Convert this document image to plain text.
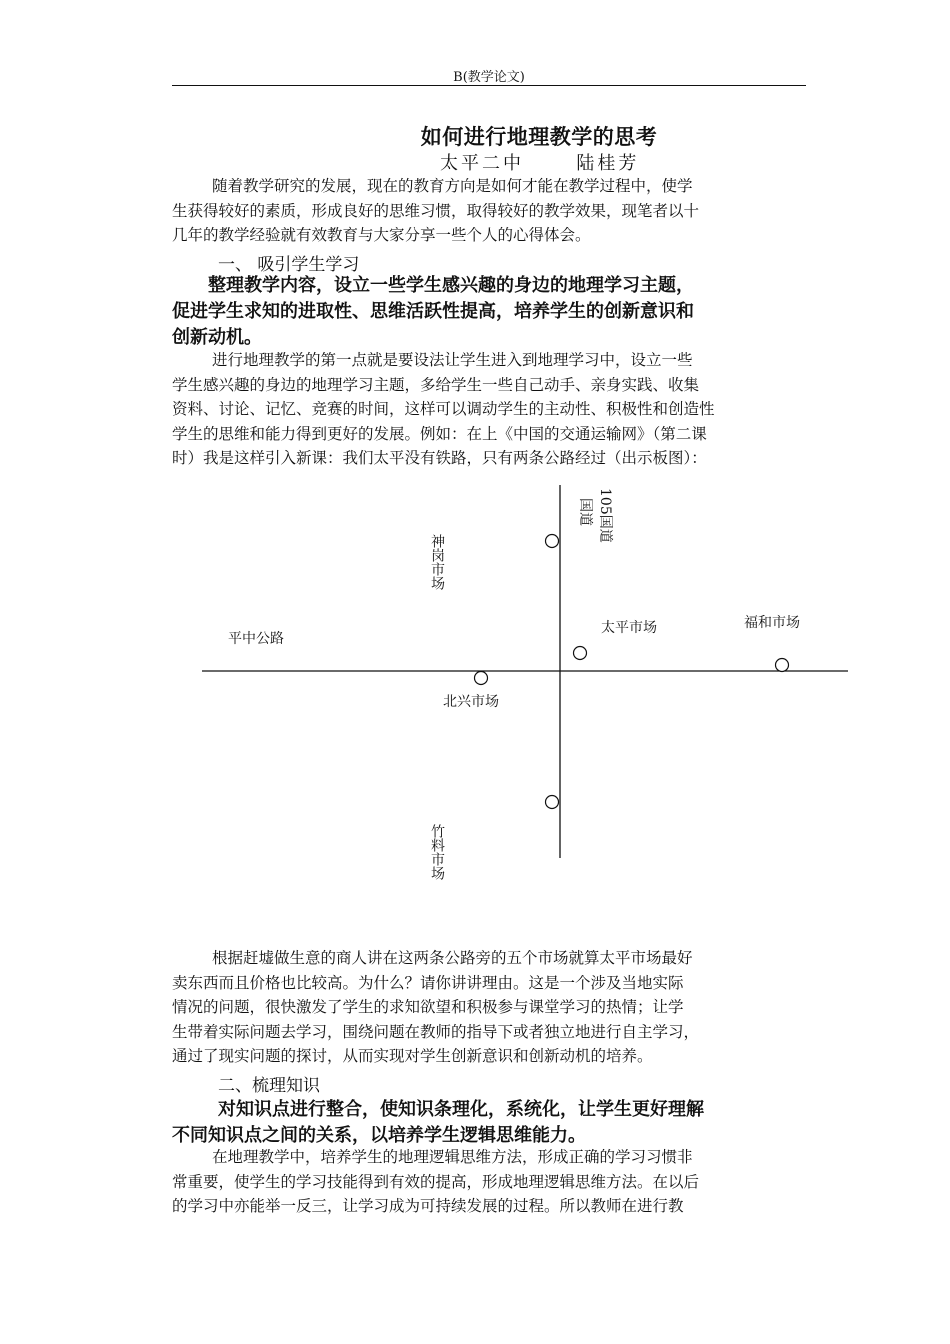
B(教学论文)
如何进行地理教学的思考
太平二中	陆桂芳
随着教学研究的发展，现在的教育方向是如何才能在教学过程中，使学
生获得较好的素质，形成良好的思维习惯，取得较好的教学效果，现笔者以十
几年的教学经验就有效教育与大家分享一些个人的心得体会。
一、 吸引学生学习
整理教学内容，设立一些学生感兴趣的身边的地理学习主题，
促进学生求知的进取性、思维活跃性提高，培养学生的创新意识和
创新动机。
进行地理教学的第一点就是要设法让学生进入到地理学习中，设立一些
学生感兴趣的身边的地理学习主题，多给学生一些自己动手、亲身实践、收集
资料、讨论、记忆、竞赛的时间，这样可以调动学生的主动性、积极性和创造性
学生的思维和能力得到更好的发展。例如：在上《中国的交通运输网》（第二课
时）我是这样引入新课：我们太平没有铁路，只有两条公路经过（出示板图）：
国道 105国道
神岗市场
平中公路
太平市场	福和市场
北兴市场
竹料市场
根据赶墟做生意的商人讲在这两条公路旁的五个市场就算太平市场最好
卖东西而且价格也比较高。为什么？请你讲讲理由。这是一个涉及当地实际
情况的问题，很快激发了学生的求知欲望和积极参与课堂学习的热情；让学
生带着实际问题去学习，围绕问题在教师的指导下或者独立地进行自主学习，
通过了现实问题的探讨，从而实现对学生创新意识和创新动机的培养。
二、梳理知识
对知识点进行整合，使知识条理化，系统化，让学生更好理解
不同知识点之间的关系，以培养学生逻辑思维能力。
在地理教学中，培养学生的地理逻辑思维方法，形成正确的学习习惯非
常重要，使学生的学习技能得到有效的提高，形成地理逻辑思维方法。在以后
的学习中亦能举一反三，让学习成为可持续发展的过程。所以教师在进行教
